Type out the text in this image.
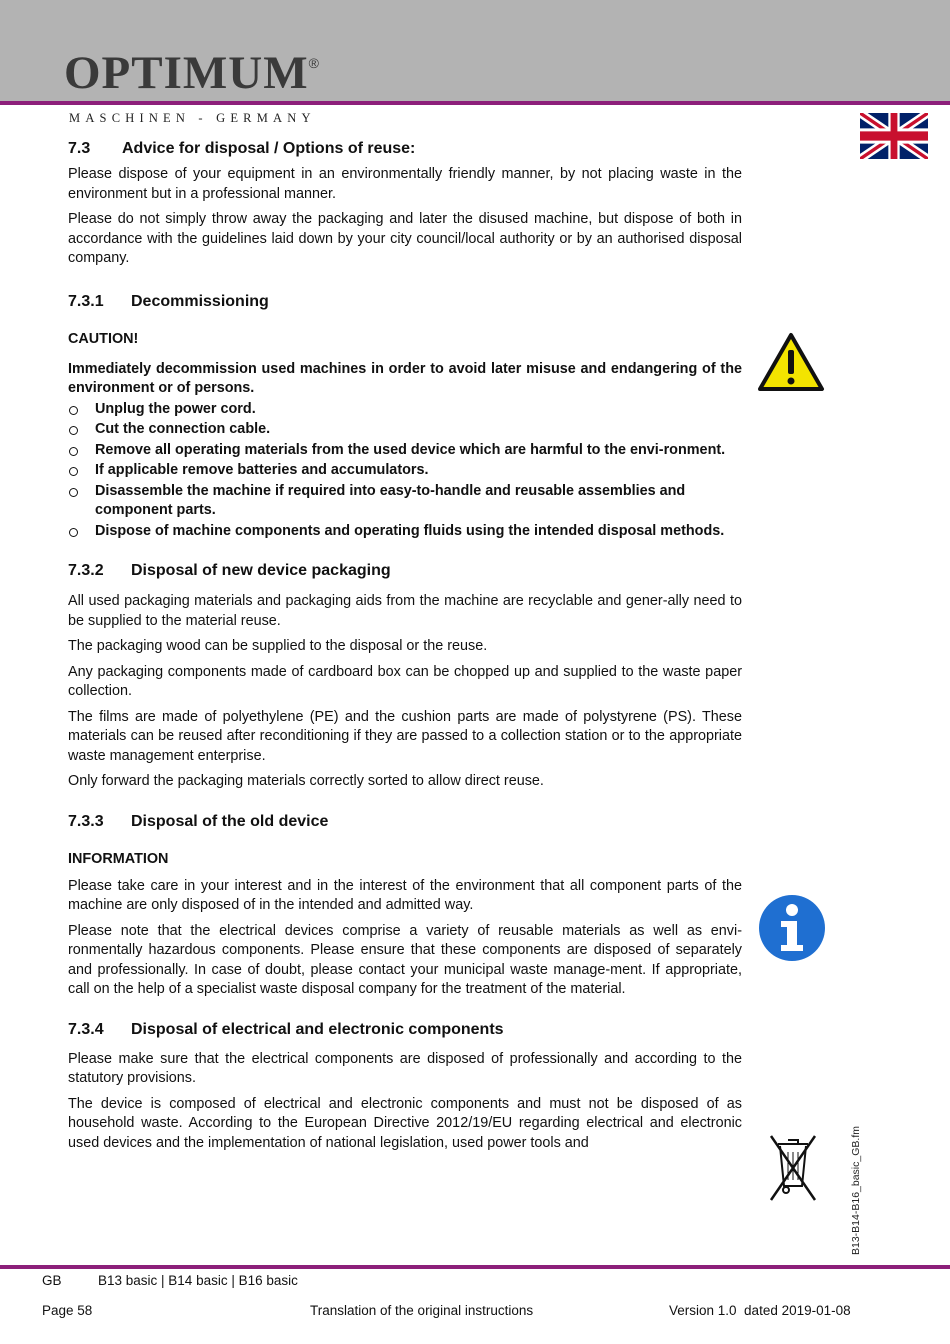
OPTIMUM®
MASCHINEN - GERMANY
7.3 Advice for disposal / Options of reuse:

Please dispose of your equipment in an environmentally friendly manner, by not placing waste in the environment but in a professional manner.

Please do not simply throw away the packaging and later the disused machine, but dispose of both in accordance with the guidelines laid down by your city council/local authority or by an authorised disposal company.

7.3.1 Decommissioning
CAUTION!

Immediately decommission used machines in order to avoid later misuse and endangering of the environment or of persons.

Unplug the power cord.
Cut the connection cable.
Remove all operating materials from the used device which are harmful to the envi-ronment.
If applicable remove batteries and accumulators.
Disassemble the machine if required into easy-to-handle and reusable assemblies and component parts.
Dispose of machine components and operating fluids using the intended disposal methods.
7.3.2 Disposal of new device packaging

All used packaging materials and packaging aids from the machine are recyclable and gener-ally need to be supplied to the material reuse.

The packaging wood can be supplied to the disposal or the reuse.

Any packaging components made of cardboard box can be chopped up and supplied to the waste paper collection.

The films are made of polyethylene (PE) and the cushion parts are made of polystyrene (PS). These materials can be reused after reconditioning if they are passed to a collection station or to the appropriate waste management enterprise.

Only forward the packaging materials correctly sorted to allow direct reuse.

7.3.3 Disposal of the old device
INFORMATION

Please take care in your interest and in the interest of the environment that all component parts of the machine are only disposed of in the intended and admitted way.

Please note that the electrical devices comprise a variety of reusable materials as well as envi-ronmentally hazardous components. Please ensure that these components are disposed of separately and professionally. In case of doubt, please contact your municipal waste manage-ment. If appropriate, call on the help of a specialist waste disposal company for the treatment of the material.

7.3.4 Disposal of electrical and electronic components

Please make sure that the electrical components are disposed of professionally and according to the statutory provisions.

The device is composed of electrical and electronic components and must not be disposed of as household waste. According to the European Directive 2012/19/EU regarding electrical and electronic used devices and the implementation of national legislation, used power tools and	B13-B14-B16_basic_GB.fm
GB	B13 basic | B14 basic | B16 basic
Page 58	Translation of the original instructions	Version 1.0  dated 2019-01-08
